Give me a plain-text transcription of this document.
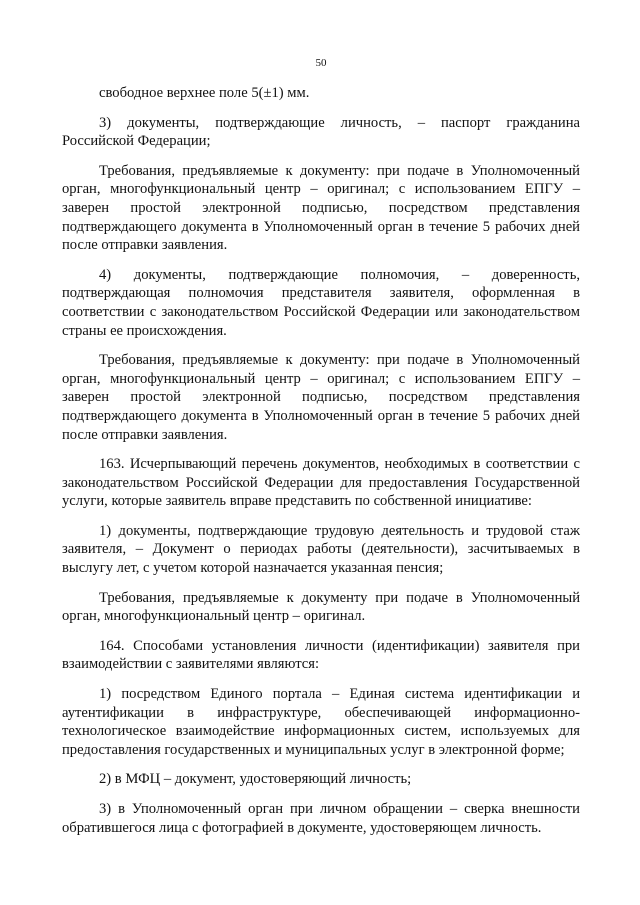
50

свободное верхнее поле 5(±1) мм.

3) документы, подтверждающие личность, – паспорт гражданина Российской Федерации;

Требования, предъявляемые к документу: при подаче в Уполномоченный орган, многофункциональный центр – оригинал; с использованием ЕПГУ – заверен простой электронной подписью, посредством представления подтверждающего документа в Уполномоченный орган в течение 5 рабочих дней после отправки заявления.

4) документы, подтверждающие полномочия, – доверенность, подтверждающая полномочия представителя заявителя, оформленная в соответствии с законодательством Российской Федерации или законодательством страны ее происхождения.

Требования, предъявляемые к документу: при подаче в Уполномоченный орган, многофункциональный центр – оригинал; с использованием ЕПГУ – заверен простой электронной подписью, посредством представления подтверждающего документа в Уполномоченный орган в течение 5 рабочих дней после отправки заявления.

163. Исчерпывающий перечень документов, необходимых в соответствии с законодательством Российской Федерации для предоставления Государственной услуги, которые заявитель вправе представить по собственной инициативе:

1) документы, подтверждающие трудовую деятельность и трудовой стаж заявителя, – Документ о периодах работы (деятельности), засчитываемых в выслугу лет, с учетом которой назначается указанная пенсия;

Требования, предъявляемые к документу при подаче в Уполномоченный орган, многофункциональный центр – оригинал.

164. Способами установления личности (идентификации) заявителя при взаимодействии с заявителями являются:

1) посредством Единого портала – Единая система идентификации и аутентификации в инфраструктуре, обеспечивающей информационно-технологическое взаимодействие информационных систем, используемых для предоставления государственных и муниципальных услуг в электронной форме;

2) в МФЦ – документ, удостоверяющий личность;

3) в Уполномоченный орган при личном обращении – сверка внешности обратившегося лица с фотографией в документе, удостоверяющем личность.
